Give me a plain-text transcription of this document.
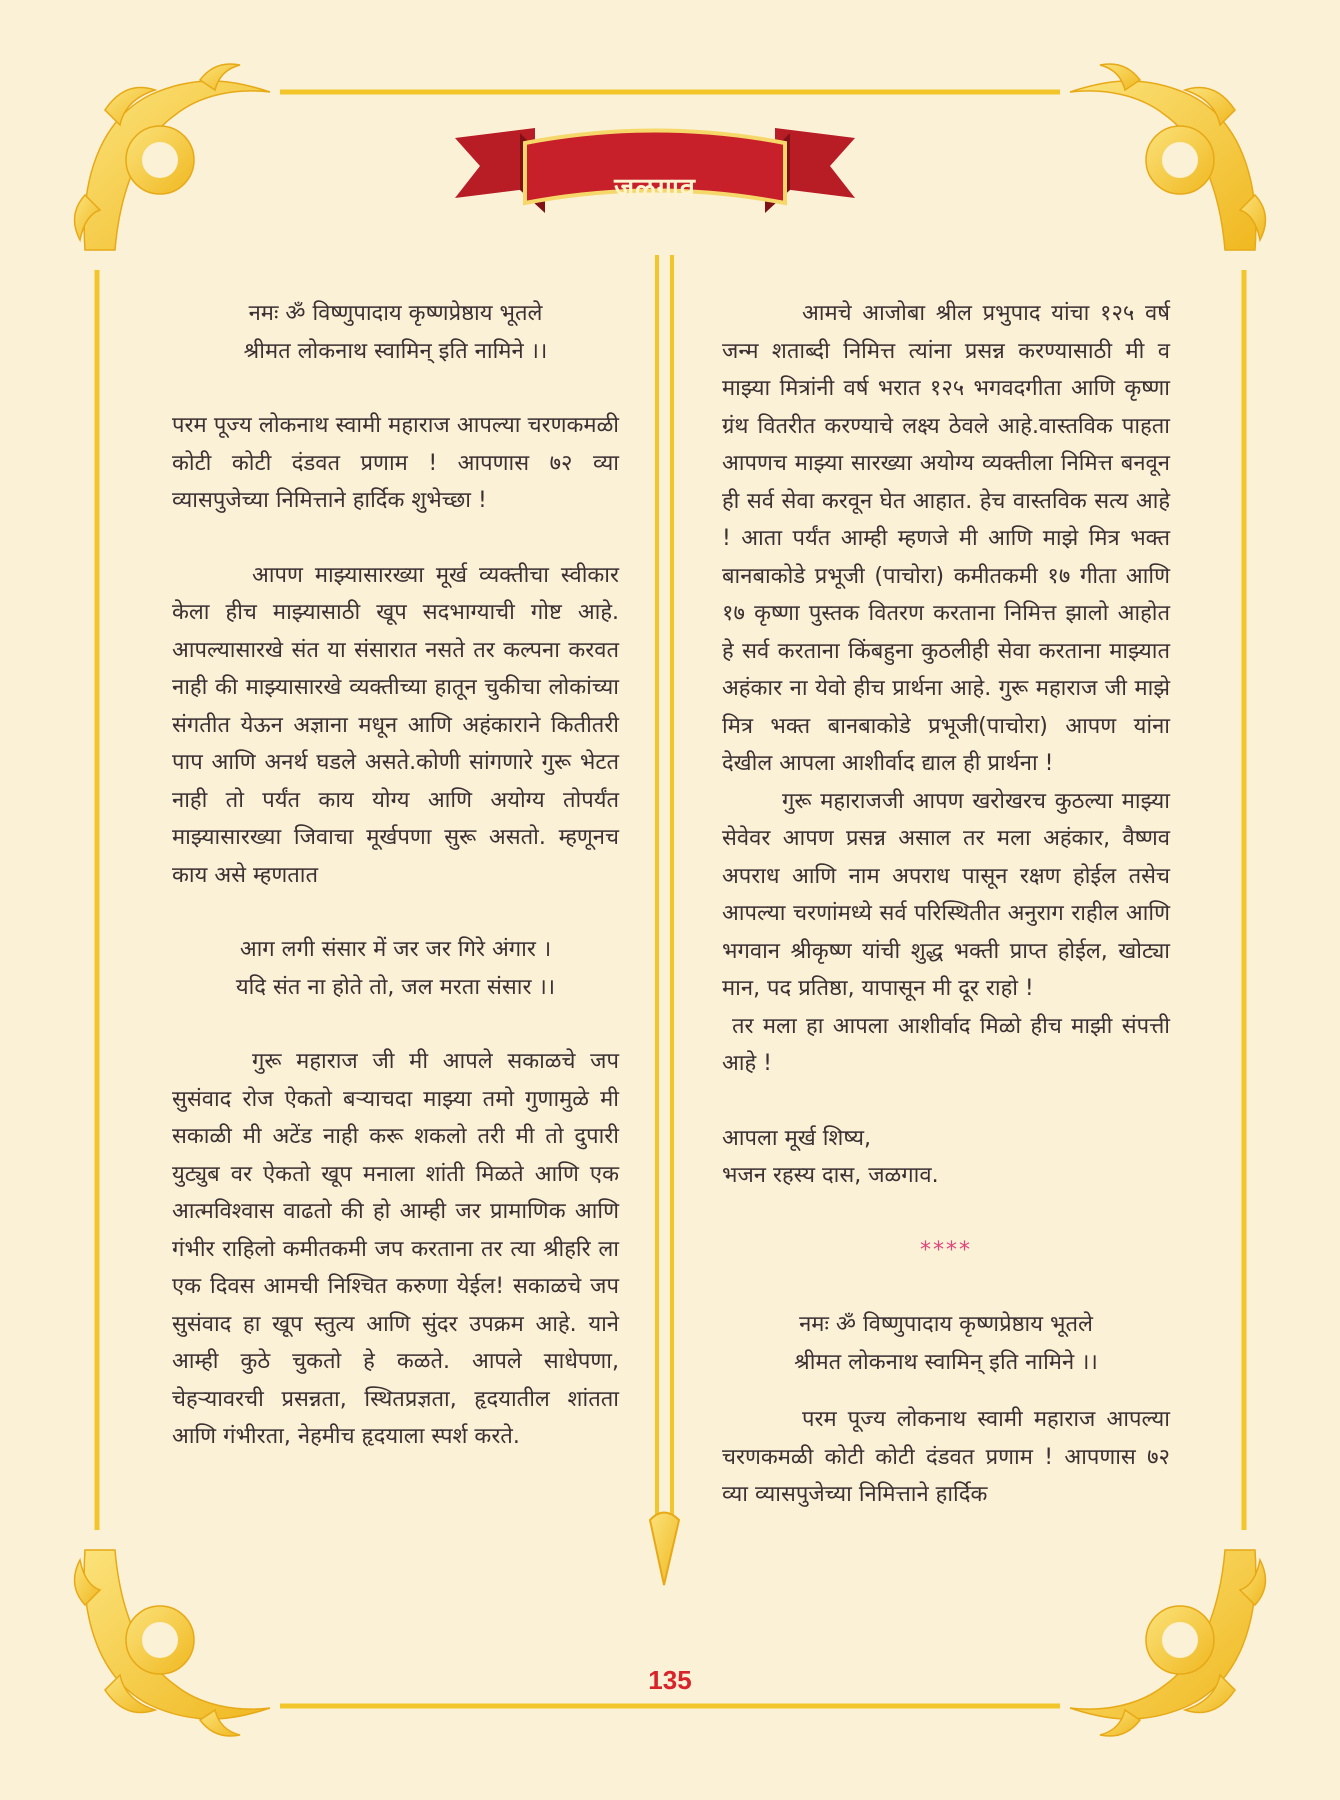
जळगाव

नमः ॐ विष्णुपादाय कृष्णप्रेष्ठाय भूतले

श्रीमत लोकनाथ स्वामिन् इति नामिने ।।

परम पूज्य लोकनाथ स्वामी महाराज आपल्या चरणकमळी कोटी कोटी दंडवत प्रणाम ! आपणास ७२ व्या व्यासपुजेच्या निमित्ताने हार्दिक शुभेच्छा !

आपण माझ्यासारख्या मूर्ख व्यक्तीचा स्वीकार केला हीच माझ्यासाठी खूप सदभाग्याची गोष्ट आहे. आपल्यासारखे संत या संसारात नसते तर कल्पना करवत नाही की माझ्यासारखे व्यक्तीच्या हातून चुकीचा लोकांच्या संगतीत येऊन अज्ञाना मधून आणि अहंकाराने कितीतरी पाप आणि अनर्थ घडले असते.कोणी सांगणारे गुरू भेटत नाही तो पर्यंत काय योग्य आणि अयोग्य तोपर्यंत माझ्यासारख्या जिवाचा मूर्खपणा सुरू असतो. म्हणूनच काय असे म्हणतात

आग लगी संसार में जर जर गिरे अंगार ।

यदि संत ना होते तो, जल मरता संसार ।।

गुरू महाराज जी मी आपले सकाळचे जप सुसंवाद रोज ऐकतो बऱ्याचदा माझ्या तमो गुणामुळे मी सकाळी मी अटेंड नाही करू शकलो तरी मी तो दुपारी युट्युब वर ऐकतो खूप मनाला शांती मिळते आणि एक आत्मविश्वास वाढतो की हो आम्ही जर प्रामाणिक आणि गंभीर राहिलो कमीतकमी जप करताना तर त्या श्रीहरि ला एक दिवस आमची निश्चित करुणा येईल! सकाळचे जप सुसंवाद हा खूप स्तुत्य आणि सुंदर उपक्रम आहे. याने आम्ही कुठे चुकतो हे कळते. आपले साधेपणा, चेहऱ्यावरची प्रसन्नता, स्थितप्रज्ञता, हृदयातील शांतता आणि गंभीरता, नेहमीच हृदयाला स्पर्श करते.

आमचे आजोबा श्रील प्रभुपाद यांचा १२५ वर्ष जन्म शताब्दी निमित्त त्यांना प्रसन्न करण्यासाठी मी व माझ्या मित्रांनी वर्ष भरात १२५ भगवदगीता आणि कृष्णा ग्रंथ वितरीत करण्याचे लक्ष्य ठेवले आहे.वास्तविक पाहता आपणच माझ्या सारख्या अयोग्य व्यक्तीला निमित्त बनवून ही सर्व सेवा करवून घेत आहात. हेच वास्तविक सत्य आहे ! आता पर्यंत आम्ही म्हणजे मी आणि माझे मित्र भक्त बानबाकोडे प्रभूजी (पाचोरा) कमीतकमी १७ गीता आणि १७ कृष्णा पुस्तक वितरण करताना निमित्त झालो आहोत हे सर्व करताना किंबहुना कुठलीही सेवा करताना माझ्यात अहंकार ना येवो हीच प्रार्थना आहे. गुरू महाराज जी माझे मित्र भक्त बानबाकोडे प्रभूजी(पाचोरा) आपण यांना देखील आपला आशीर्वाद द्याल ही प्रार्थना !

गुरू महाराजजी आपण खरोखरच कुठल्या माझ्या सेवेवर आपण प्रसन्न असाल तर मला अहंकार, वैष्णव अपराध आणि नाम अपराध पासून रक्षण होईल तसेच आपल्या चरणांमध्ये सर्व परिस्थितीत अनुराग राहील आणि भगवान श्रीकृष्ण यांची शुद्ध भक्ती प्राप्त होईल, खोट्या मान, पद प्रतिष्ठा, यापासून मी दूर राहो !

तर मला हा आपला आशीर्वाद मिळो हीच माझी संपत्ती आहे !

आपला मूर्ख शिष्य,

भजन रहस्य दास, जळगाव.

****

नमः ॐ विष्णुपादाय कृष्णप्रेष्ठाय भूतले

श्रीमत लोकनाथ स्वामिन् इति नामिने ।।

परम पूज्य लोकनाथ स्वामी महाराज आपल्या चरणकमळी कोटी कोटी दंडवत प्रणाम ! आपणास ७२ व्या व्यासपुजेच्या निमित्ताने हार्दिक

135
